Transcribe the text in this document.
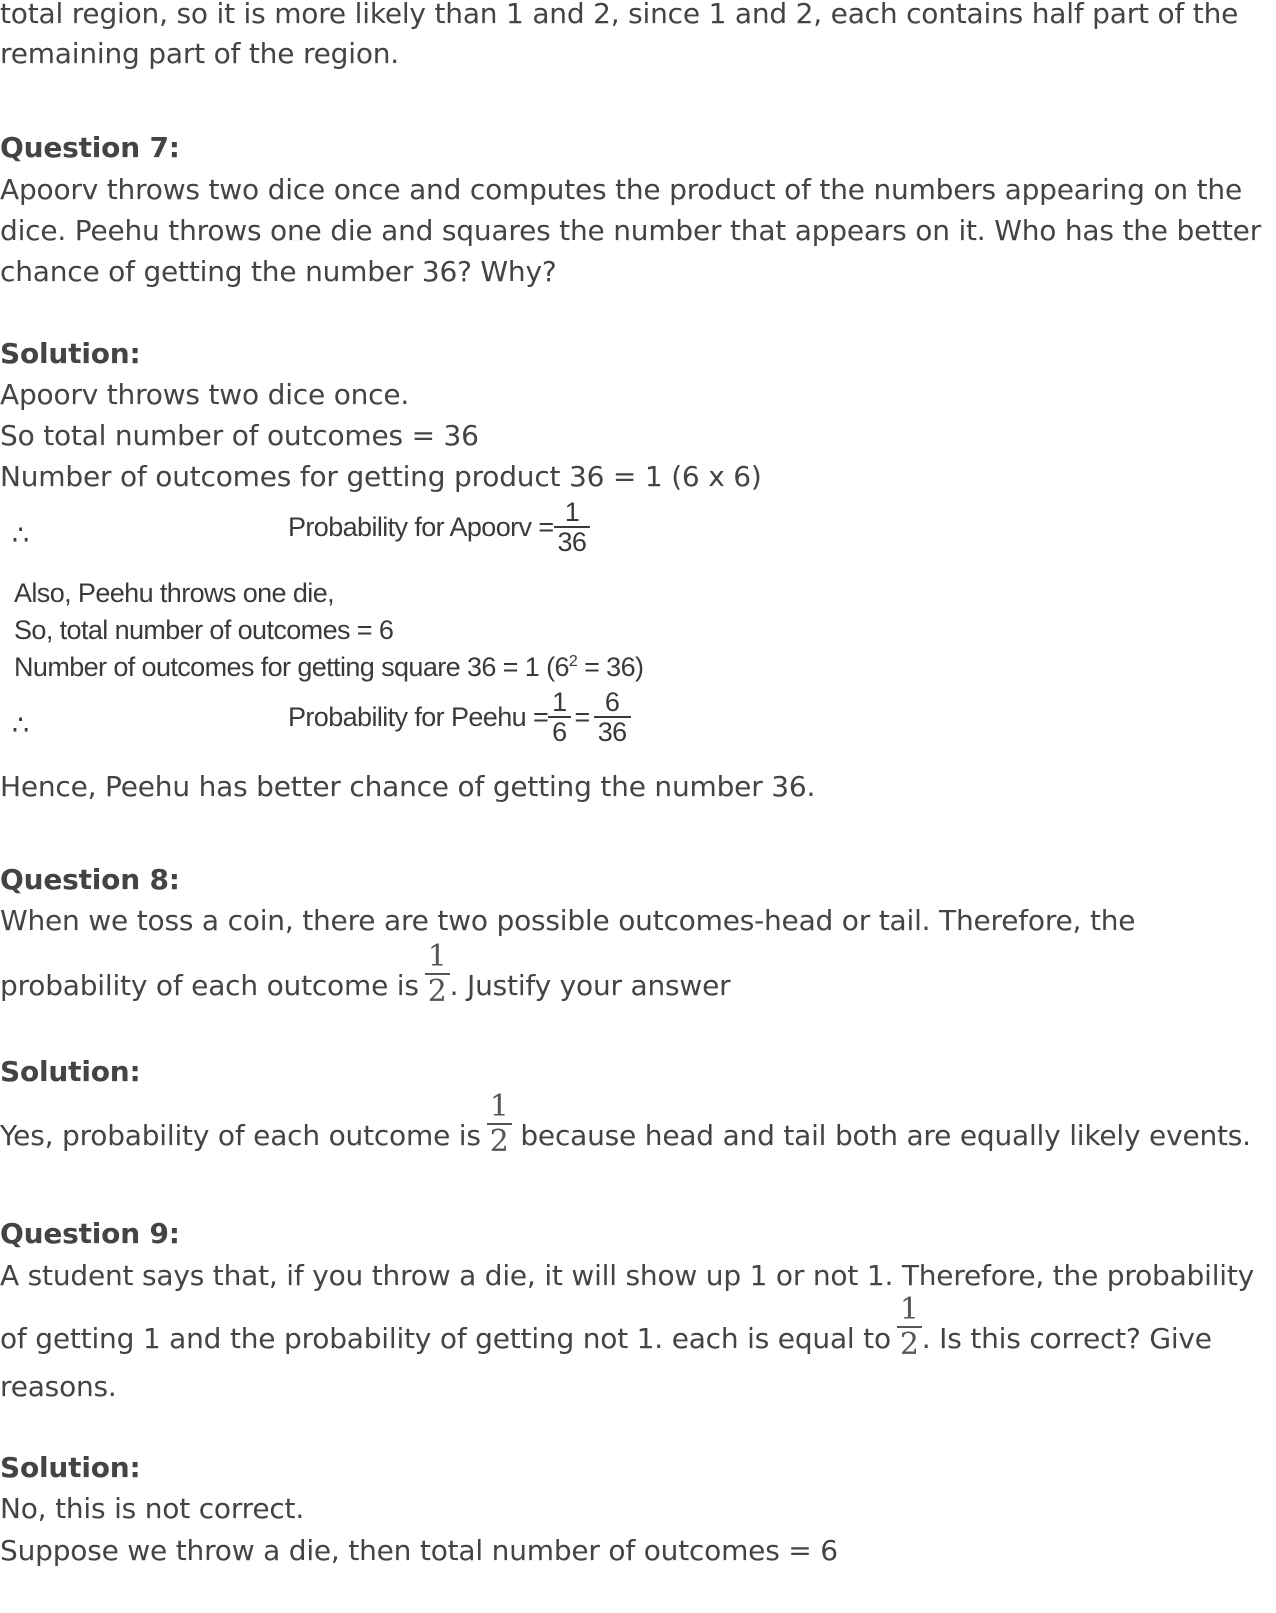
total region, so it is more likely than 1 and 2, since 1 and 2, each contains half part of the

remaining part of the region.

Question 7:

Apoorv throws two dice once and computes the product of the numbers appearing on the

dice. Peehu throws one die and squares the number that appears on it. Who has the better

chance of getting the number 36? Why?

Solution:

Apoorv throws two dice once.

So total number of outcomes = 36

Number of outcomes for getting product 36 = 1 (6 x 6)

∴	Probability for Apoorv = $\frac{1}{36}$
Also, Peehu throws one die,
So, total number of outcomes = 6
Number of outcomes for getting square 36 = 1 $(6^2 = 36)$
∴	Probability for Peehu = $\frac{1}{6} = \frac{6}{36}$

Hence, Peehu has better chance of getting the number 36.

Question 8:

When we toss a coin, there are two possible outcomes-head or tail. Therefore, the

probability of each outcome is $\frac{1}{2}$ . Justify your answer

Solution:

Yes, probability of each outcome is $\frac{1}{2}$ because head and tail both are equally likely events.

Question 9:

A student says that, if you throw a die, it will show up 1 or not 1. Therefore, the probability

of getting 1 and the probability of getting not 1. each is equal to $\frac{1}{2}$ . Is this correct? Give

reasons.

Solution:

No, this is not correct.

Suppose we throw a die, then total number of outcomes = 6
